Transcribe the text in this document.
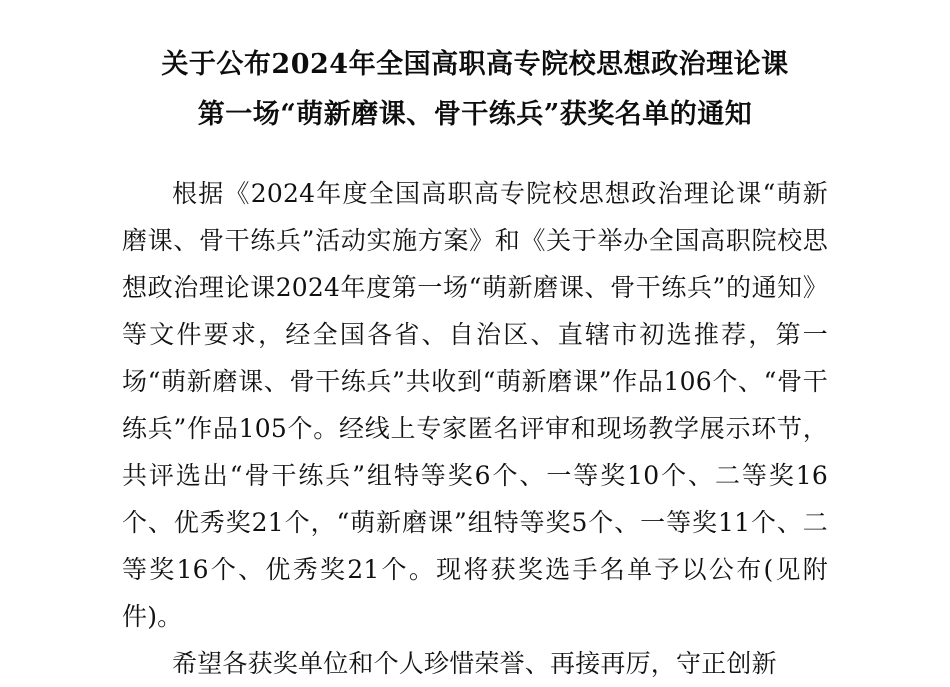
关于公布2024年全国高职高专院校思想政治理论课
第一场“萌新磨课、骨干练兵”获奖名单的通知

根据《2024年度全国高职高专院校思想政治理论课“萌新磨课、骨干练兵”活动实施方案》和《关于举办全国高职院校思想政治理论课2024年度第一场“萌新磨课、骨干练兵”的通知》等文件要求，经全国各省、自治区、直辖市初选推荐，第一场“萌新磨课、骨干练兵”共收到“萌新磨课”作品106个、“骨干练兵”作品105个。经线上专家匿名评审和现场教学展示环节，共评选出“骨干练兵”组特等奖6个、一等奖10个、二等奖16个、优秀奖21个，“萌新磨课”组特等奖5个、一等奖11个、二等奖16个、优秀奖21个。现将获奖选手名单予以公布(见附件)。

希望各获奖单位和个人珍惜荣誉、再接再厉，守正创新
